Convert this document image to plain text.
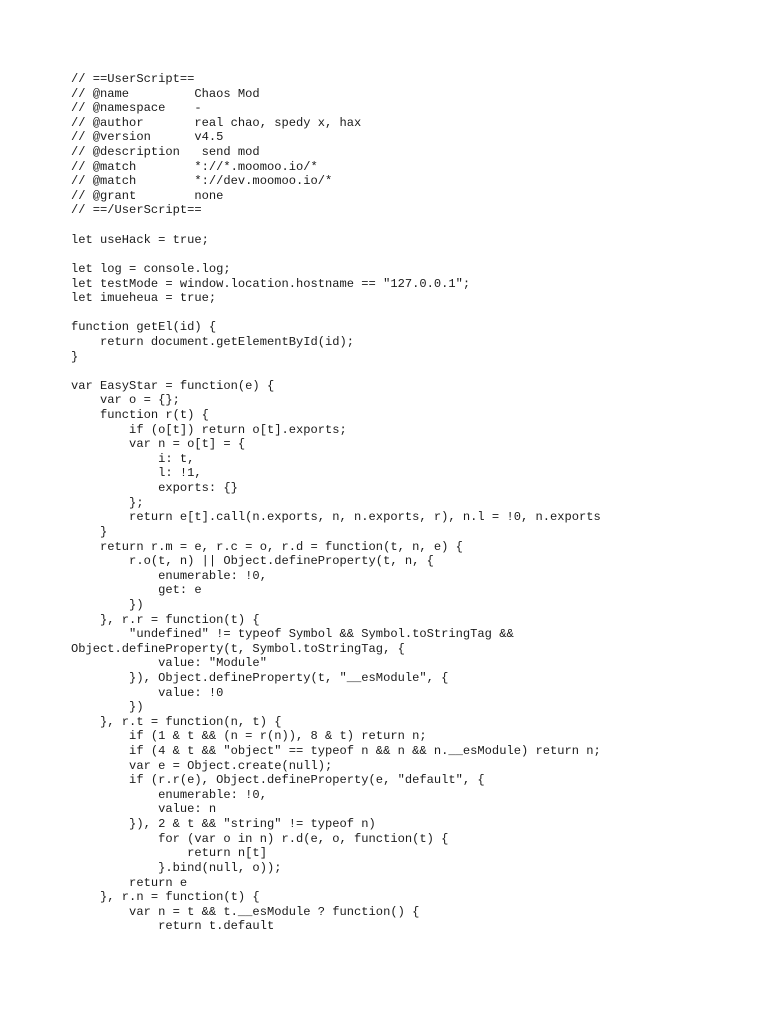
// ==UserScript==
// @name         Chaos Mod
// @namespace    -
// @author       real chao, spedy x, hax
// @version      v4.5
// @description   send mod
// @match        *://*.moomoo.io/*
// @match        *://dev.moomoo.io/*
// @grant        none
// ==/UserScript==
let useHack = true;
let log = console.log;
let testMode = window.location.hostname == "127.0.0.1";
let imueheua = true;
function getEl(id) {
return document.getElementById(id);
}
var EasyStar = function(e) {
var o = {};
function r(t) {
if (o[t]) return o[t].exports;
var n = o[t] = {
i: t,
l: !1,
exports: {}
};
return e[t].call(n.exports, n, n.exports, r), n.l = !0, n.exports
}
return r.m = e, r.c = o, r.d = function(t, n, e) {
r.o(t, n) || Object.defineProperty(t, n, {
enumerable: !0,
get: e
})
}, r.r = function(t) {
"undefined" != typeof Symbol && Symbol.toStringTag &&
Object.defineProperty(t, Symbol.toStringTag, {
value: "Module"
}), Object.defineProperty(t, "__esModule", {
value: !0
})
}, r.t = function(n, t) {
if (1 & t && (n = r(n)), 8 & t) return n;
if (4 & t && "object" == typeof n && n && n.__esModule) return n;
var e = Object.create(null);
if (r.r(e), Object.defineProperty(e, "default", {
enumerable: !0,
value: n
}), 2 & t && "string" != typeof n)
for (var o in n) r.d(e, o, function(t) {
return n[t]
}.bind(null, o));
return e
}, r.n = function(t) {
var n = t && t.__esModule ? function() {
return t.default
